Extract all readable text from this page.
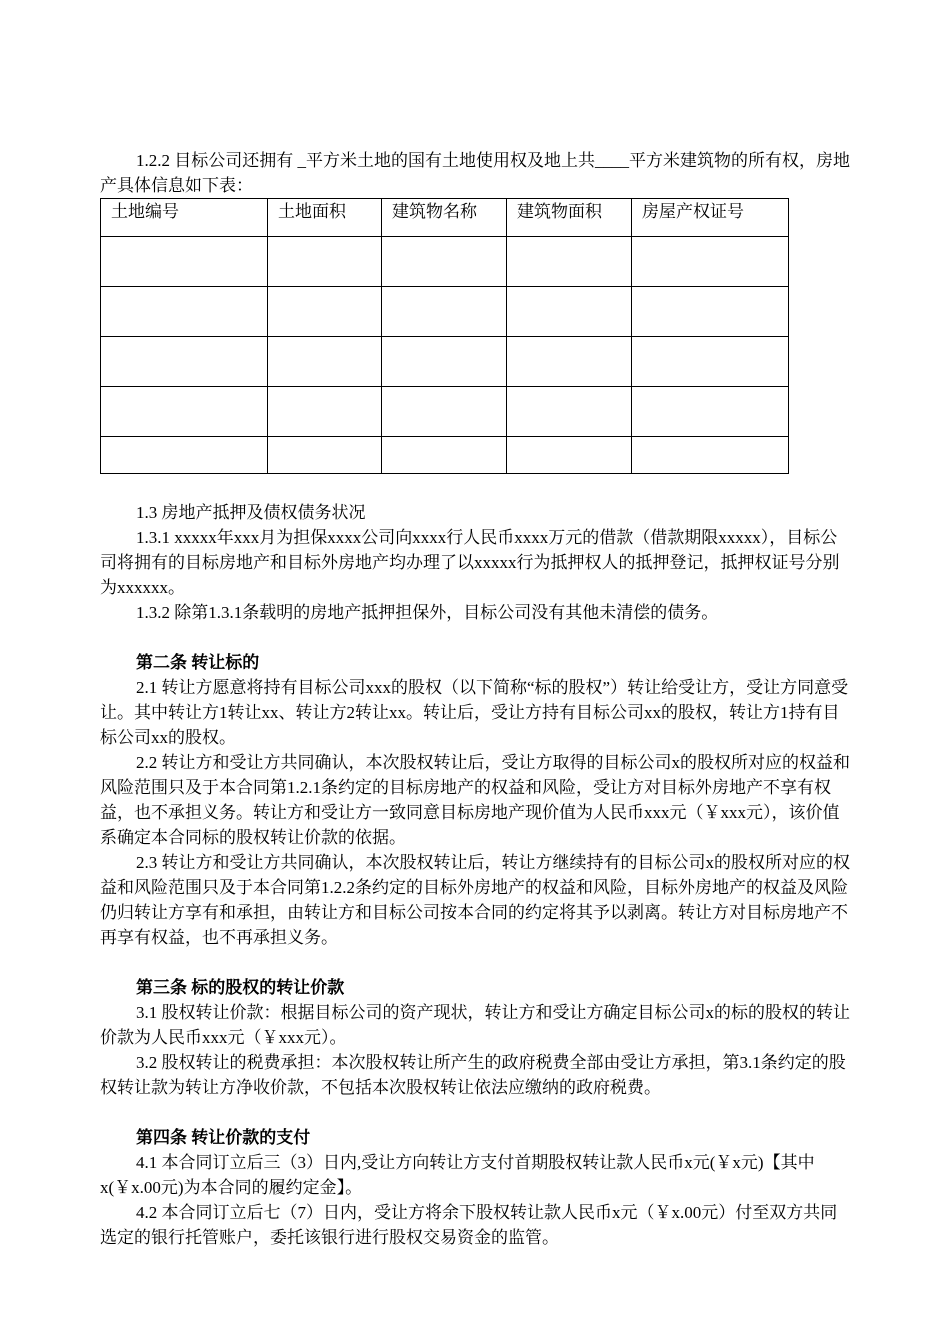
1.2.2 目标公司还拥有 _平方米土地的国有土地使用权及地上共____平方米建筑物的所有权，房地产具体信息如下表：

土地编号	土地面积	建筑物名称	建筑物面积	房屋产权证号

1.3 房地产抵押及债权债务状况

1.3.1 xxxxx年xxx月为担保xxxx公司向xxxx行人民币xxxx万元的借款（借款期限xxxxx），目标公司将拥有的目标房地产和目标外房地产均办理了以xxxxx行为抵押权人的抵押登记，抵押权证号分别为xxxxxx。

1.3.2 除第1.3.1条载明的房地产抵押担保外，目标公司没有其他未清偿的债务。

第二条 转让标的

2.1 转让方愿意将持有目标公司xxx的股权（以下简称“标的股权”）转让给受让方，受让方同意受让。其中转让方1转让xx、转让方2转让xx。转让后，受让方持有目标公司xx的股权，转让方1持有目标公司xx的股权。

2.2 转让方和受让方共同确认，本次股权转让后，受让方取得的目标公司x的股权所对应的权益和风险范围只及于本合同第1.2.1条约定的目标房地产的权益和风险，受让方对目标外房地产不享有权益，也不承担义务。转让方和受让方一致同意目标房地产现价值为人民币xxx元（￥xxx元），该价值系确定本合同标的股权转让价款的依据。

2.3 转让方和受让方共同确认，本次股权转让后，转让方继续持有的目标公司x的股权所对应的权益和风险范围只及于本合同第1.2.2条约定的目标外房地产的权益和风险，目标外房地产的权益及风险仍归转让方享有和承担，由转让方和目标公司按本合同的约定将其予以剥离。转让方对目标房地产不再享有权益，也不再承担义务。

第三条 标的股权的转让价款

3.1 股权转让价款：根据目标公司的资产现状，转让方和受让方确定目标公司x的标的股权的转让价款为人民币xxx元（￥xxx元）。

3.2 股权转让的税费承担：本次股权转让所产生的政府税费全部由受让方承担，第3.1条约定的股权转让款为转让方净收价款，不包括本次股权转让依法应缴纳的政府税费。

第四条 转让价款的支付

4.1 本合同订立后三（3）日内,受让方向转让方支付首期股权转让款人民币x元(￥x元)【其中x(￥x.00元)为本合同的履约定金】。

4.2 本合同订立后七（7）日内，受让方将余下股权转让款人民币x元（￥x.00元）付至双方共同选定的银行托管账户，委托该银行进行股权交易资金的监管。
